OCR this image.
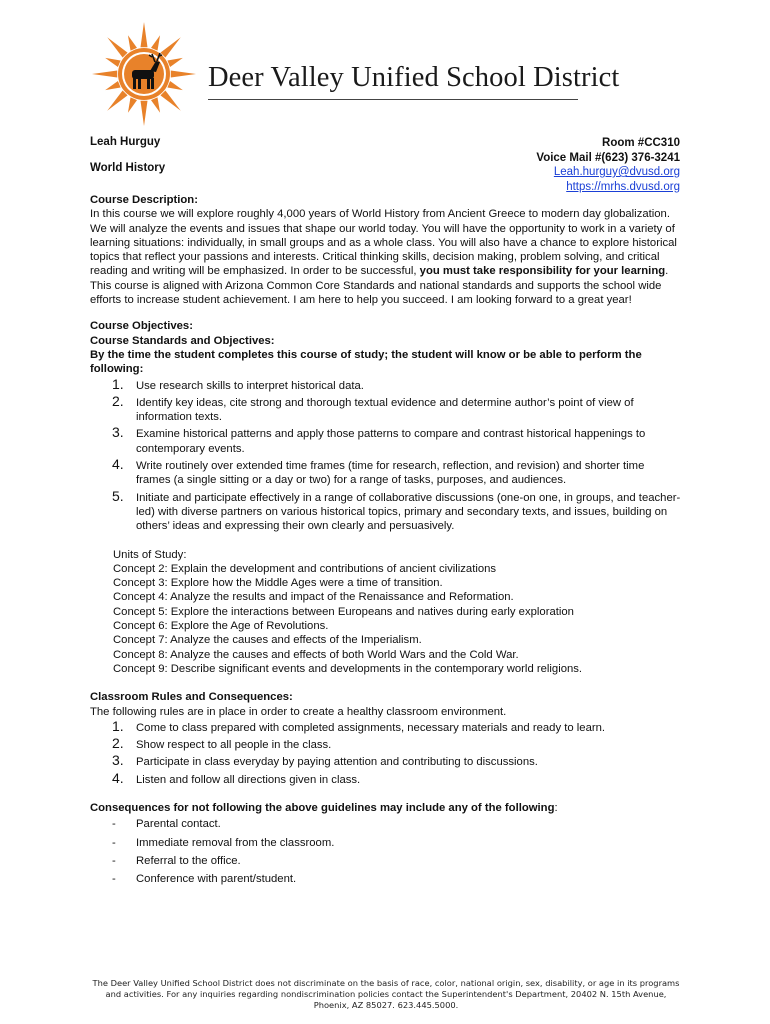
Deer Valley Unified School District
Leah Hurguy
World History
Room #CC310
Voice Mail #(623) 376-3241
Leah.hurguy@dvusd.org
https://mrhs.dvusd.org
Course Description:

In this course we will explore roughly 4,000 years of World History from Ancient Greece to modern day globalization. We will analyze the events and issues that shape our world today. You will have the opportunity to work in a variety of learning situations: individually, in small groups and as a whole class. You will also have a chance to explore historical topics that reflect your passions and interests. Critical thinking skills, decision making, problem solving, and critical reading and writing will be emphasized. In order to be successful, you must take responsibility for your learning. This course is aligned with Arizona Common Core Standards and national standards and supports the school wide efforts to increase student achievement. I am here to help you succeed. I am looking forward to a great year!

Course Objectives:
Course Standards and Objectives:
By the time the student completes this course of study; the student will know or be able to perform the following:
1. Use research skills to interpret historical data.
2. Identify key ideas, cite strong and thorough textual evidence and determine author’s point of view of information texts.
3. Examine historical patterns and apply those patterns to compare and contrast historical happenings to contemporary events.
4. Write routinely over extended time frames (time for research, reflection, and revision) and shorter time frames (a single sitting or a day or two) for a range of tasks, purposes, and audiences.
5. Initiate and participate effectively in a range of collaborative discussions (one-on one, in groups, and teacher-led) with diverse partners on various historical topics, primary and secondary texts, and issues, building on others’ ideas and expressing their own clearly and persuasively.
Units of Study:
Concept 2: Explain the development and contributions of ancient civilizations
Concept 3: Explore how the Middle Ages were a time of transition.
Concept 4: Analyze the results and impact of the Renaissance and Reformation.
Concept 5: Explore the interactions between Europeans and natives during early exploration
Concept 6: Explore the Age of Revolutions.
Concept 7: Analyze the causes and effects of the Imperialism.
Concept 8: Analyze the causes and effects of both World Wars and the Cold War.
Concept 9: Describe significant events and developments in the contemporary world religions.
Classroom Rules and Consequences:
The following rules are in place in order to create a healthy classroom environment.
1. Come to class prepared with completed assignments, necessary materials and ready to learn.
2. Show respect to all people in the class.
3. Participate in class everyday by paying attention and contributing to discussions.
4. Listen and follow all directions given in class.
Consequences for not following the above guidelines may include any of the following:
- Parental contact.
- Immediate removal from the classroom.
- Referral to the office.
- Conference with parent/student.
The Deer Valley Unified School District does not discriminate on the basis of race, color, national origin, sex, disability, or age in its programs and activities. For any inquiries regarding nondiscrimination policies contact the Superintendent's Department, 20402 N. 15th Avenue, Phoenix, AZ 85027. 623.445.5000.
